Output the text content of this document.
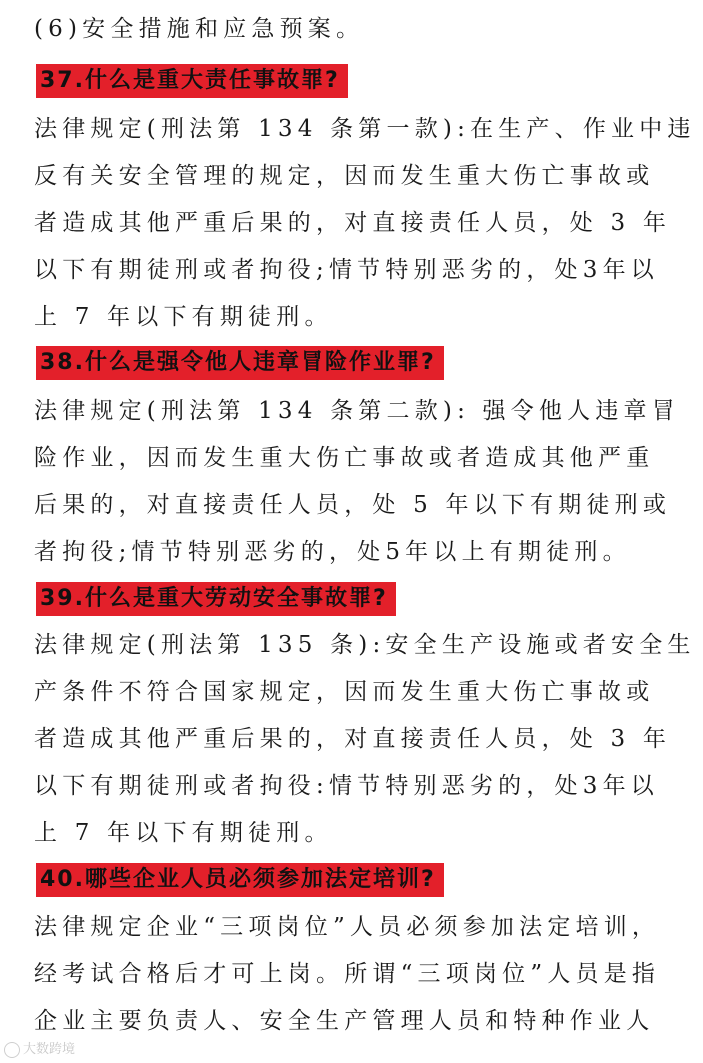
(6)安全措施和应急预案。
37.什么是重大责任事故罪?
法律规定(刑法第 134 条第一款):在生产、作业中违
反有关安全管理的规定，因而发生重大伤亡事故或
者造成其他严重后果的，对直接责任人员，处 3 年
以下有期徒刑或者拘役;情节特别恶劣的，处3年以
上 7 年以下有期徒刑。
38.什么是强令他人违章冒险作业罪?
法律规定(刑法第 134 条第二款): 强令他人违章冒
险作业，因而发生重大伤亡事故或者造成其他严重
后果的，对直接责任人员，处 5 年以下有期徒刑或
者拘役;情节特别恶劣的，处5年以上有期徒刑。
39.什么是重大劳动安全事故罪?
法律规定(刑法第 135 条):安全生产设施或者安全生
产条件不符合国家规定，因而发生重大伤亡事故或
者造成其他严重后果的，对直接责任人员，处 3 年
以下有期徒刑或者拘役:情节特别恶劣的，处3年以
上 7 年以下有期徒刑。
40.哪些企业人员必须参加法定培训?
法律规定企业“三项岗位”人员必须参加法定培训，
经考试合格后才可上岗。所谓“三项岗位”人员是指
企业主要负责人、安全生产管理人员和特种作业人
大数跨境
